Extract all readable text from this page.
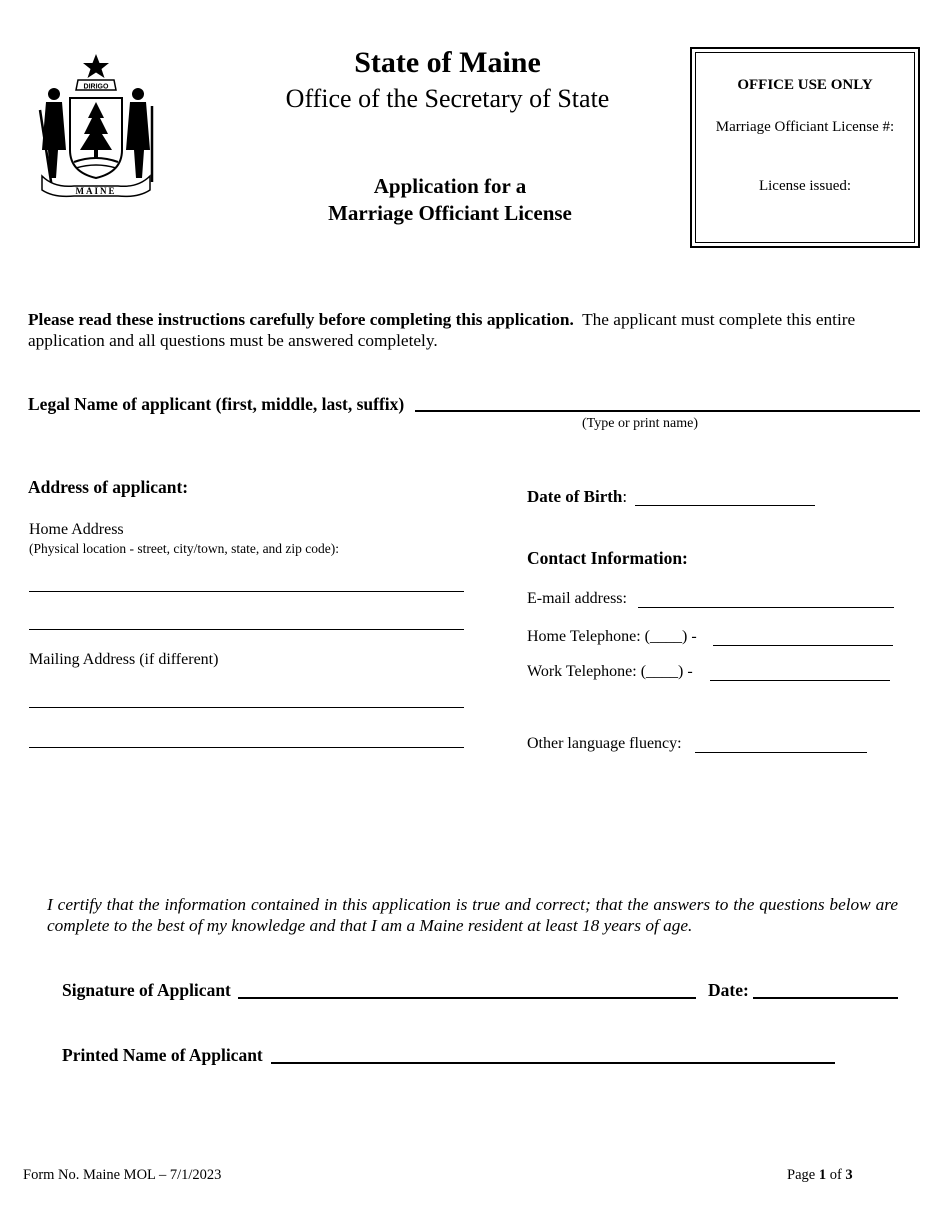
DIRIGO
MAINE
State of Maine
Office of the Secretary of State
Application for a
Marriage Officiant License
OFFICE USE ONLY
Marriage Officiant License #:
License issued:
Please read these instructions carefully before completing this application. The applicant must complete this entire application and all questions must be answered completely.
Legal Name of applicant (first, middle, last, suffix)
(Type or print name)
Address of applicant:
Home Address
(Physical location - street, city/town, state, and zip code):
Mailing Address (if different)
Date of Birth:
Contact Information:
E-mail address:
Home Telephone: (____) -
Work Telephone: (____) -
Other language fluency:
I certify that the information contained in this application is true and correct; that the answers to the questions below are complete to the best of my knowledge and that I am a Maine resident at least 18 years of age.
Signature of Applicant	Date:
Printed Name of Applicant
Form No. Maine MOL – 7/1/2023	Page 1 of 3
